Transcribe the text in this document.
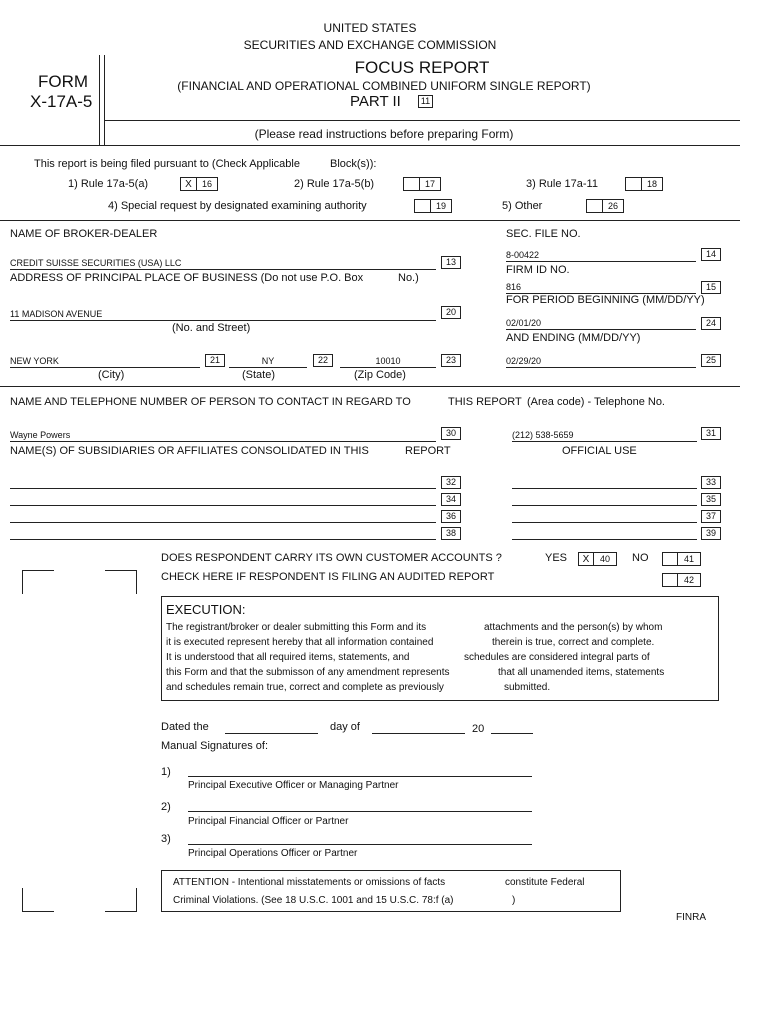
UNITED STATES
SECURITIES AND EXCHANGE COMMISSION
FORM
X-17A-5
FOCUS REPORT
(FINANCIAL AND OPERATIONAL COMBINED UNIFORM SINGLE REPORT)
PART II	11
(Please read instructions before preparing Form)
This report is being filed pursuant to (Check Applicable	Block(s)):
1) Rule 17a-5(a)	X	16	2) Rule 17a-5(b)	17	3) Rule 17a-11	18
4) Special request by designated examining authority	19	5) Other	26
NAME OF BROKER-DEALER	SEC. FILE NO.
CREDIT SUISSE SECURITIES (USA) LLC	13
8-00422	14
FIRM ID NO.
ADDRESS OF PRINCIPAL PLACE OF BUSINESS (Do not use P.O. Box	No.)
816	15
FOR PERIOD BEGINNING (MM/DD/YY)
11 MADISON AVENUE	20
(No. and Street)	02/01/20	24
AND ENDING (MM/DD/YY)
NEW YORK	21	NY	22	10010	23	02/29/20	25
(City)	(State)	(Zip Code)
NAME AND TELEPHONE NUMBER OF PERSON TO CONTACT IN REGARD TO	THIS REPORT (Area code) - Telephone No.
Wayne Powers	30	(212) 538-5659	31
NAME(S) OF SUBSIDIARIES OR AFFILIATES CONSOLIDATED IN THIS	REPORT	OFFICIAL USE
32	33
34	35
36	37
38	39
DOES RESPONDENT CARRY ITS OWN CUSTOMER ACCOUNTS ?	YES	X	40	NO	41
CHECK HERE IF RESPONDENT IS FILING AN AUDITED REPORT	42
EXECUTION:
The registrant/broker or dealer submitting this Form and its	attachments and the person(s) by whom
it is executed represent hereby that all information contained	therein is true, correct and complete.
It is understood that all required items, statements, and	schedules are considered integral parts of
this Form and that the submisson of any amendment represents	that all unamended items, statements
and schedules remain true, correct and complete as previously	submitted.
Dated the	day of	20
Manual Signatures of:
1)
Principal Executive Officer or Managing Partner
2)
Principal Financial Officer or Partner
3)
Principal Operations Officer or Partner
ATTENTION - Intentional misstatements or omissions of facts	constitute Federal
Criminal Violations. (See 18 U.S.C. 1001 and 15 U.S.C. 78:f (a)	)
FINRA
